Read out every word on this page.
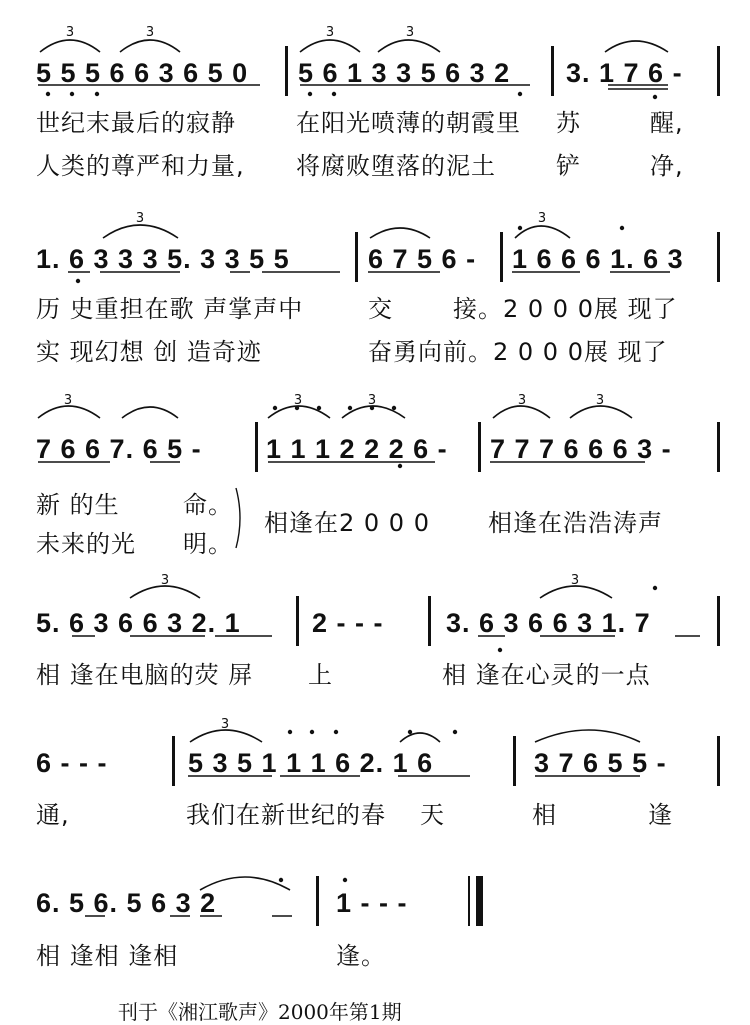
3	3	3	3
3	3
3	3	3	3	3
3	3
3
5 5 5 6 6 3 6 5 0 5 6 1 3 3 5 6 3 2 3. 1 7 6 -
世纪末最后的寂静	在阳光喷薄的朝霞里 苏	醒,
人类的尊严和力量, 将腐败堕落的泥土	铲	净,
1. 6 3 3 3 5. 3 3 5 5	6 7 5 6 - 1 6 6 6 1. 6 3
历 史重担在歌 声掌声中	交	接。2 0 0 0展 现了
实 现幻想 创 造奇迹	奋勇向前。2 0 0 0展 现了
7 6 6 7. 6 5 - 1 1 1 2 2 2 6 - 7 7 7 6 6 6 3 -
新 的生	命。
未来的光 明。
相逢在2 0 0 0 相逢在浩浩涛声
5. 6 3 6 6 3 2. 1	2 - - - 3. 6 3 6 6 3 1. 7
相 逢在电脑的荧 屏 上	相 逢在心灵的一点
6 - - -	5 3 5 1 1 1 6 2. 1 6	3 7 6 5 5 -
通,	我们在新世纪的春 天	相	逢
6. 5 6. 5 6 3 2	1 - - -
相 逢相 逢相	逢。
刊于《湘江歌声》2000年第1期
